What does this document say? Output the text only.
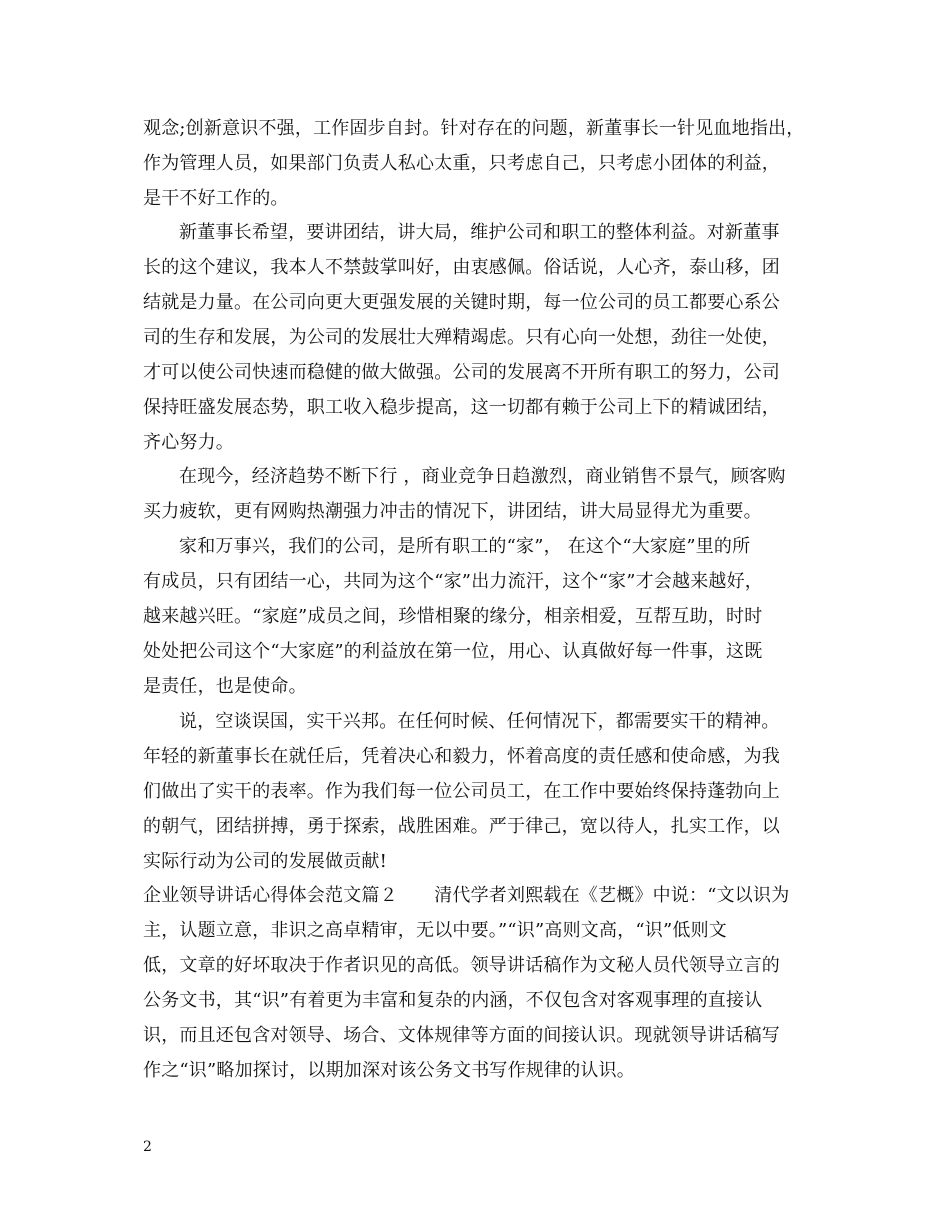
观念;创新意识不强，工作固步自封。针对存在的问题，新董事长一针见血地指出，
作为管理人员，如果部门负责人私心太重，只考虑自己，只考虑小团体的利益，
是干不好工作的。
新董事长希望，要讲团结，讲大局，维护公司和职工的整体利益。对新董事
长的这个建议，我本人不禁鼓掌叫好，由衷感佩。俗话说，人心齐，泰山移，团
结就是力量。在公司向更大更强发展的关键时期，每一位公司的员工都要心系公
司的生存和发展，为公司的发展壮大殚精竭虑。只有心向一处想，劲往一处使，
才可以使公司快速而稳健的做大做强。公司的发展离不开所有职工的努力，公司
保持旺盛发展态势，职工收入稳步提高，这一切都有赖于公司上下的精诚团结，
齐心努力。
在现今，经济趋势不断下行 ，商业竞争日趋激烈，商业销售不景气，顾客购
买力疲软，更有网购热潮强力冲击的情况下，讲团结，讲大局显得尤为重要。
家和万事兴，我们的公司，是所有职工的“家”， 在这个“大家庭”里的所
有成员，只有团结一心，共同为这个“家”出力流汗，这个“家”才会越来越好，
越来越兴旺。“家庭”成员之间，珍惜相聚的缘分，相亲相爱，互帮互助，时时
处处把公司这个“大家庭”的利益放在第一位，用心、认真做好每一件事，这既
是责任，也是使命。
说，空谈误国，实干兴邦。在任何时候、任何情况下，都需要实干的精神。
年轻的新董事长在就任后，凭着决心和毅力，怀着高度的责任感和使命感，为我
们做出了实干的表率。作为我们每一位公司员工，在工作中要始终保持蓬勃向上
的朝气，团结拼搏，勇于探索，战胜困难。严于律己，宽以待人，扎实工作，以
实际行动为公司的发展做贡献!
企业领导讲话心得体会范文篇２　　清代学者刘熙载在《艺概》中说：“文以识为
主，认题立意，非识之高卓精审，无以中要。”“识”高则文高，“识”低则文
低，文章的好坏取决于作者识见的高低。领导讲话稿作为文秘人员代领导立言的
公务文书，其“识”有着更为丰富和复杂的内涵，不仅包含对客观事理的直接认
识，而且还包含对领导、场合、文体规律等方面的间接认识。现就领导讲话稿写
作之“识”略加探讨，以期加深对该公务文书写作规律的认识。
2
